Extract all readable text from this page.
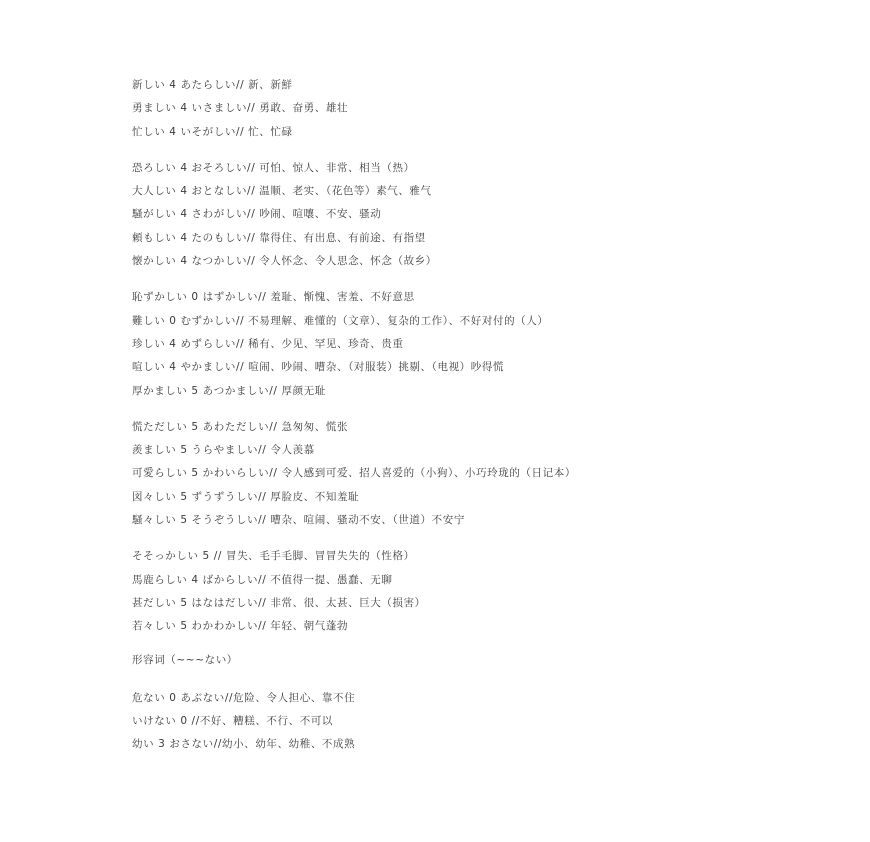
新しい 4 あたらしい// 新、新鮮
勇ましい 4 いさましい// 勇敢、奋勇、雄壮
忙しい 4 いそがしい// 忙、忙碌
恐ろしい 4 おそろしい// 可怕、惊人、非常、相当（热）
大人しい 4 おとなしい// 温顺、老实、（花色等）素气、雅气
騒がしい 4 さわがしい// 吵闹、喧嚷、不安、骚动
頼もしい 4 たのもしい// 靠得住、有出息、有前途、有指望
懐かしい 4 なつかしい// 令人怀念、令人思念、怀念（故乡）
恥ずかしい 0 はずかしい// 羞耻、惭愧、害羞、不好意思
難しい 0 むずかしい// 不易理解、难懂的（文章）、复杂的工作）、不好对付的（人）
珍しい 4 めずらしい// 稀有、少见、罕见、珍奇、贵重
喧しい 4 やかましい// 喧闹、吵闹、嘈杂、（对服装）挑剔、（电视）吵得慌
厚かましい 5 あつかましい// 厚颜无耻
慌ただしい 5 あわただしい// 急匆匆、慌张
羨ましい 5 うらやましい// 令人羡慕
可愛らしい 5 かわいらしい// 令人感到可爱、招人喜爱的（小狗）、小巧玲珑的（日记本）
図々しい 5 ずうずうしい// 厚脸皮、不知羞耻
騒々しい 5 そうぞうしい// 嘈杂、喧闹、骚动不安、（世道）不安宁
そそっかしい 5 // 冒失、毛手毛脚、冒冒失失的（性格）
馬鹿らしい 4 ばからしい// 不值得一提、愚蠢、无聊
甚だしい 5 はなはだしい// 非常、很、太甚、巨大（损害）
若々しい 5 わかわかしい// 年轻、朝气蓬勃
形容词（~~~ない）
危ない 0 あぶない//危险、令人担心、靠不住
いけない 0 //不好、糟糕、不行、不可以
幼い 3 おさない//幼小、幼年、幼稚、不成熟
